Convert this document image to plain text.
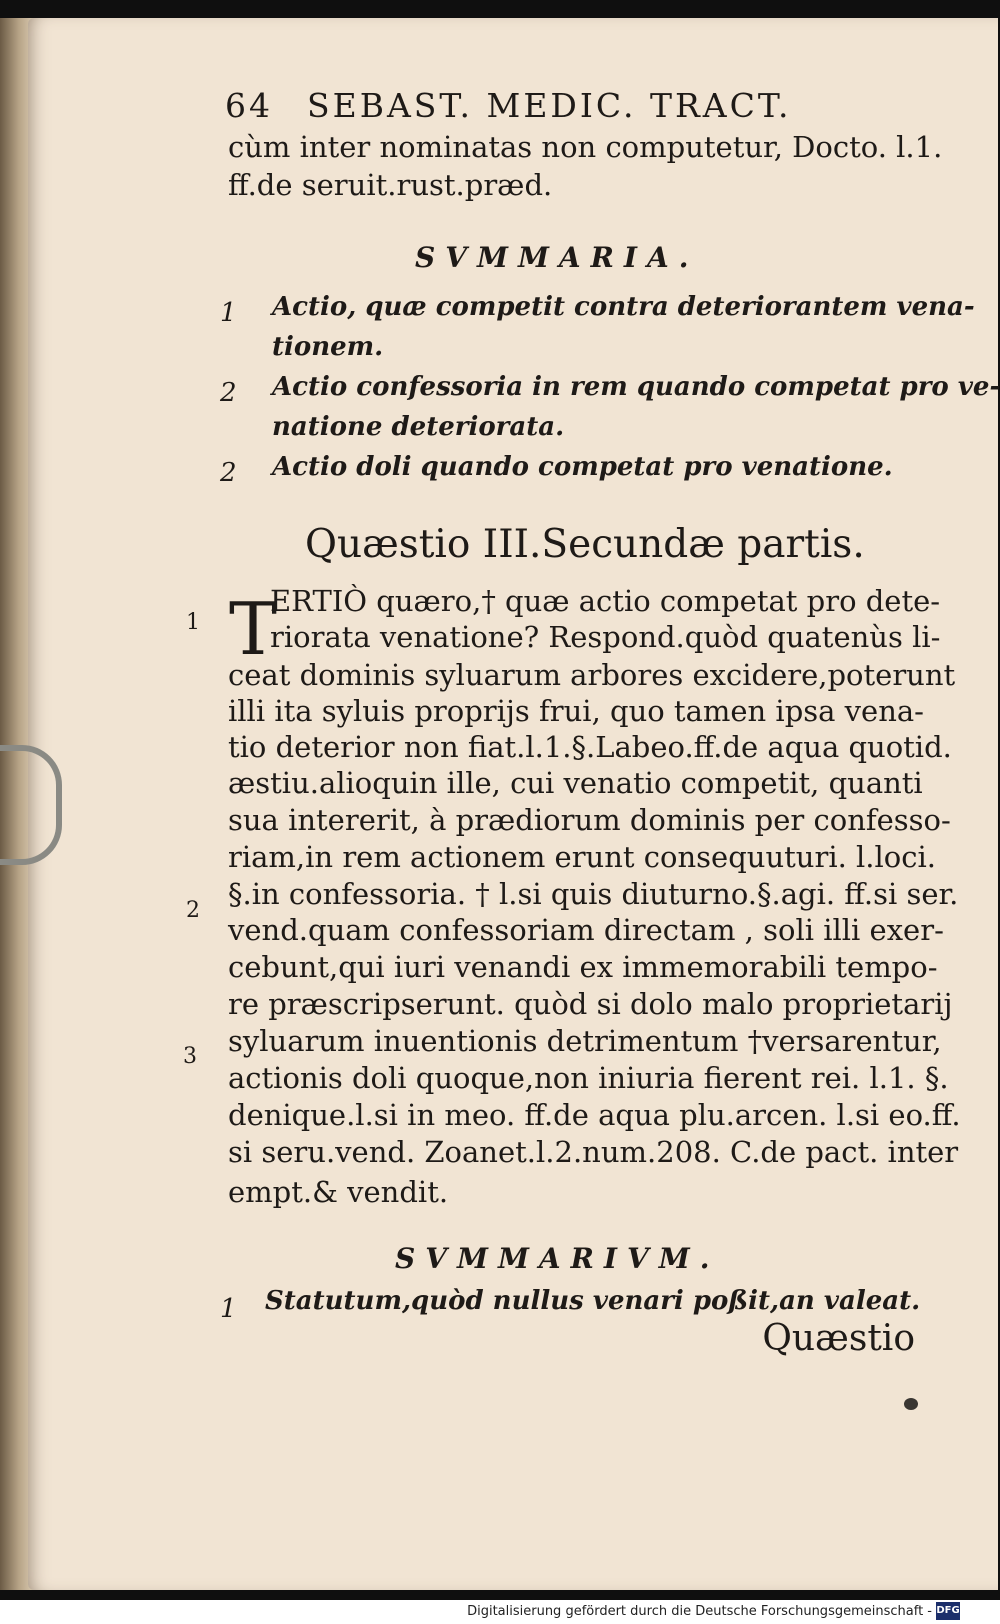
64 SEBAST. MEDIC. TRACT.
cùm inter nominatas non computetur, Docto. l.1.
ff.de seruit.rust.præd.
SVMMARIA.
1 Actio, quæ competit contra deteriorantem vena-
tionem.
2 Actio confessoria in rem quando competat pro ve-
natione deteriorata.
2 Actio doli quando competat pro venatione.
Quæstio III.Secundæ partis.
T
1
2
3
ERTIÒ quæro,† quæ actio competat pro dete-
riorata venatione? Respond.quòd quatenùs li-
ceat dominis syluarum arbores excidere,poterunt
illi ita syluis proprijs frui, quo tamen ipsa vena-
tio deterior non fiat.l.1.§.Labeo.ff.de aqua quotid.
æstiu.alioquin ille, cui venatio competit, quanti
sua intererit, à prædiorum dominis per confesso-
riam,in rem actionem erunt consequuturi. l.loci.
§.in confessoria. † l.si quis diuturno.§.agi. ff.si ser.
vend.quam confessoriam directam , soli illi exer-
cebunt,qui iuri venandi ex immemorabili tempo-
re præscripserunt. quòd si dolo malo proprietarij
syluarum inuentionis detrimentum †versarentur,
actionis doli quoque,non iniuria fierent rei. l.1. §.
denique.l.si in meo. ff.de aqua plu.arcen. l.si eo.ff.
si seru.vend. Zoanet.l.2.num.208. C.de pact. inter
empt.& vendit.
SVMMARIVM.
1 Statutum,quòd nullus venari poßit,an valeat.
Quæstio
Digitalisierung gefördert durch die Deutsche Forschungsgemeinschaft - DFG
